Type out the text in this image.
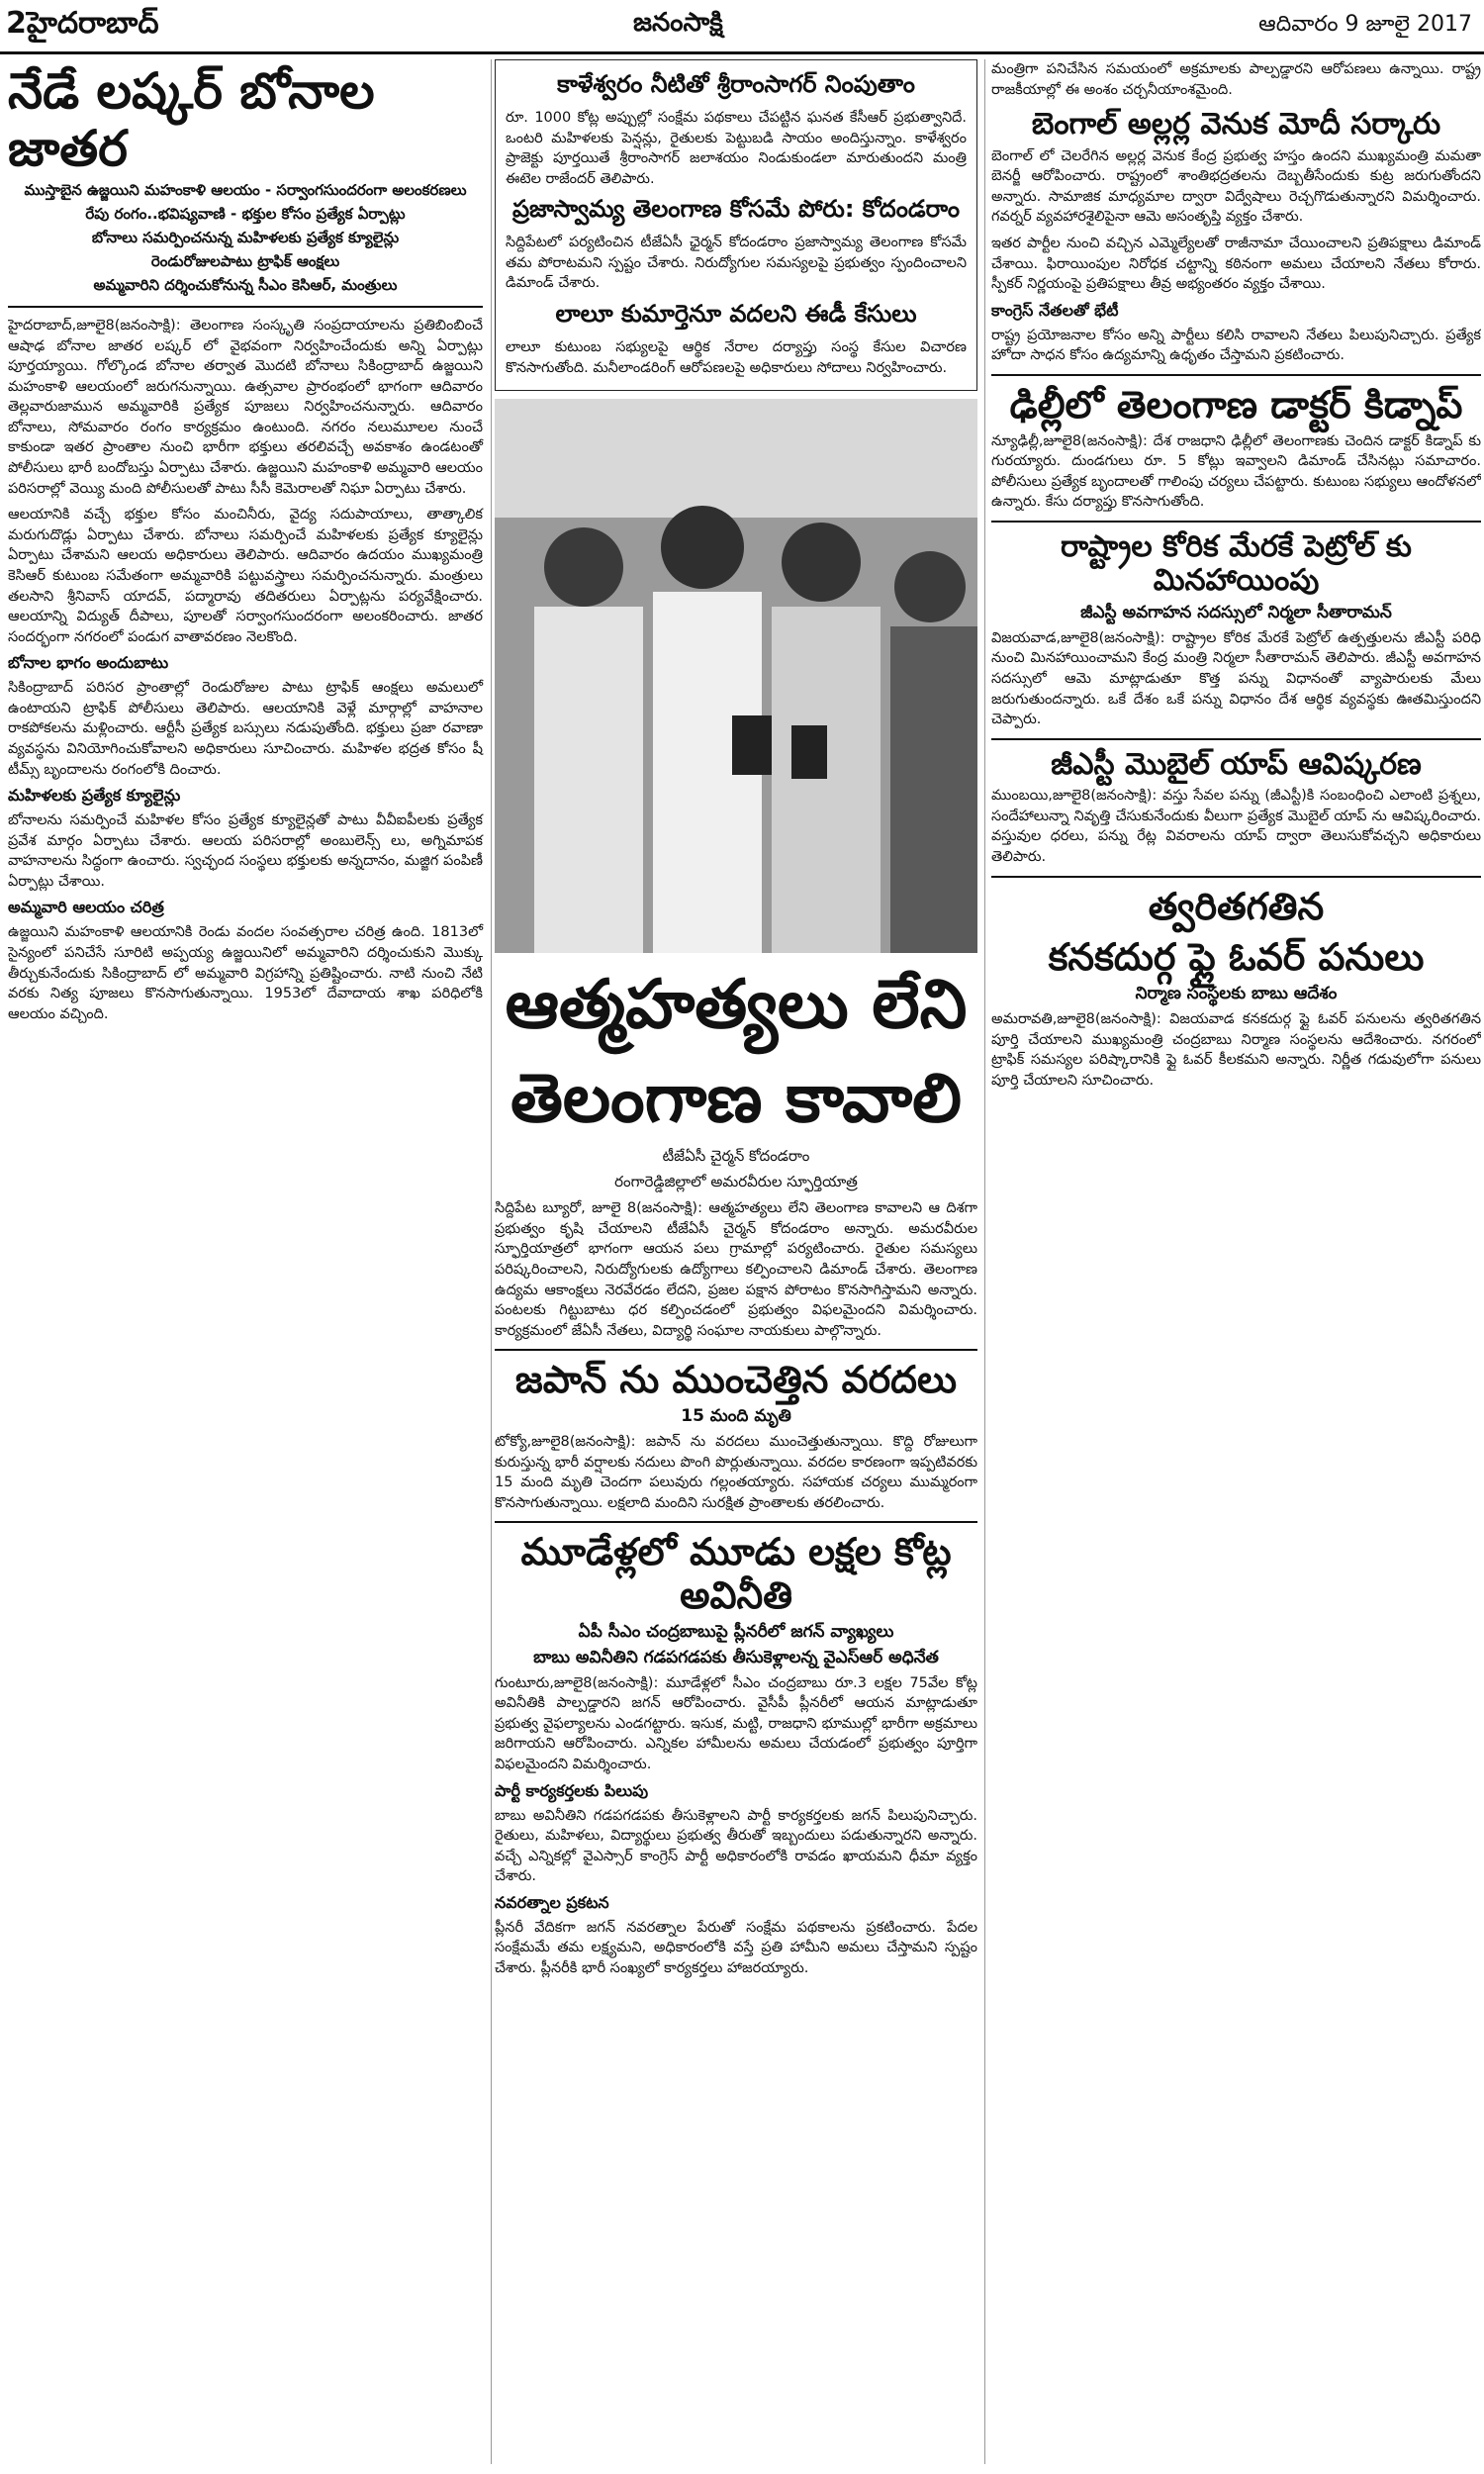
2హైదరాబాద్	జనంసాక్షి	ఆదివారం 9 జూలై 2017
నేడే లష్కర్ బోనాల జాతర
ముస్తాబైన ఉజ్జయిని మహంకాళి ఆలయం - సర్వాంగసుందరంగా అలంకరణలు
రేపు రంగం..భవిష్యవాణి - భక్తుల కోసం ప్రత్యేక ఏర్పాట్లు
బోనాలు సమర్పించనున్న మహిళలకు ప్రత్యేక క్యూలైన్లు
రెండురోజులపాటు ట్రాఫిక్ ఆంక్షలు
అమ్మవారిని దర్శించుకోనున్న సీఎం కెసిఆర్, మంత్రులు

హైదరాబాద్,జూలై8(జనంసాక్షి): తెలంగాణ సంస్కృతి సంప్రదాయాలను ప్రతిబింబించే ఆషాఢ బోనాల జాతర లష్కర్ లో వైభవంగా నిర్వహించేందుకు అన్ని ఏర్పాట్లు పూర్తయ్యాయి. గోల్కొండ బోనాల తర్వాత మొదటి బోనాలు సికింద్రాబాద్ ఉజ్జయిని మహంకాళి ఆలయంలో జరుగనున్నాయి. ఉత్సవాల ప్రారంభంలో భాగంగా ఆదివారం తెల్లవారుజామున అమ్మవారికి ప్రత్యేక పూజలు నిర్వహించనున్నారు. ఆదివారం బోనాలు, సోమవారం రంగం కార్యక్రమం ఉంటుంది. నగరం నలుమూలల నుంచే కాకుండా ఇతర ప్రాంతాల నుంచి భారీగా భక్తులు తరలివచ్చే అవకాశం ఉండటంతో పోలీసులు భారీ బందోబస్తు ఏర్పాటు చేశారు. ఉజ్జయిని మహంకాళి అమ్మవారి ఆలయం పరిసరాల్లో వెయ్యి మంది పోలీసులతో పాటు సీసీ కెమెరాలతో నిఘా ఏర్పాటు చేశారు.

ఆలయానికి వచ్చే భక్తుల కోసం మంచినీరు, వైద్య సదుపాయాలు, తాత్కాలిక మరుగుదొడ్లు ఏర్పాటు చేశారు. బోనాలు సమర్పించే మహిళలకు ప్రత్యేక క్యూలైన్లు ఏర్పాటు చేశామని ఆలయ అధికారులు తెలిపారు. ఆదివారం ఉదయం ముఖ్యమంత్రి కెసిఆర్ కుటుంబ సమేతంగా అమ్మవారికి పట్టువస్త్రాలు సమర్పించనున్నారు. మంత్రులు తలసాని శ్రీనివాస్ యాదవ్, పద్మారావు తదితరులు ఏర్పాట్లను పర్యవేక్షించారు. ఆలయాన్ని విద్యుత్ దీపాలు, పూలతో సర్వాంగసుందరంగా అలంకరించారు. జాతర సందర్భంగా నగరంలో పండుగ వాతావరణం నెలకొంది.

బోనాల భాగం అందుబాటు

సికింద్రాబాద్ పరిసర ప్రాంతాల్లో రెండురోజుల పాటు ట్రాఫిక్ ఆంక్షలు అమలులో ఉంటాయని ట్రాఫిక్ పోలీసులు తెలిపారు. ఆలయానికి వెళ్లే మార్గాల్లో వాహనాల రాకపోకలను మళ్లించారు. ఆర్టీసీ ప్రత్యేక బస్సులు నడుపుతోంది. భక్తులు ప్రజా రవాణా వ్యవస్థను వినియోగించుకోవాలని అధికారులు సూచించారు. మహిళల భద్రత కోసం షీ టీమ్స్ బృందాలను రంగంలోకి దించారు.

మహిళలకు ప్రత్యేక క్యూలైన్లు

బోనాలను సమర్పించే మహిళల కోసం ప్రత్యేక క్యూలైన్లతో పాటు వీవీఐపీలకు ప్రత్యేక ప్రవేశ మార్గం ఏర్పాటు చేశారు. ఆలయ పరిసరాల్లో అంబులెన్స్ లు, అగ్నిమాపక వాహనాలను సిద్ధంగా ఉంచారు. స్వచ్ఛంద సంస్థలు భక్తులకు అన్నదానం, మజ్జిగ పంపిణీ ఏర్పాట్లు చేశాయి.

అమ్మవారి ఆలయం చరిత్ర

ఉజ్జయిని మహంకాళి ఆలయానికి రెండు వందల సంవత్సరాల చరిత్ర ఉంది. 1813లో సైన్యంలో పనిచేసే సూరిటి అప్పయ్య ఉజ్జయినిలో అమ్మవారిని దర్శించుకుని మొక్కు తీర్చుకునేందుకు సికింద్రాబాద్ లో అమ్మవారి విగ్రహాన్ని ప్రతిష్టించారు. నాటి నుంచి నేటి వరకు నిత్య పూజలు కొనసాగుతున్నాయి. 1953లో దేవాదాయ శాఖ పరిధిలోకి ఆలయం వచ్చింది.

కాళేశ్వరం నీటితో శ్రీరాంసాగర్ నింపుతాం

రూ. 1000 కోట్ల అప్పుల్లో సంక్షేమ పథకాలు చేపట్టిన ఘనత కేసీఆర్ ప్రభుత్వానిదే. ఒంటరి మహిళలకు పెన్షన్లు, రైతులకు పెట్టుబడి సాయం అందిస్తున్నాం. కాళేశ్వరం ప్రాజెక్టు పూర్తయితే శ్రీరాంసాగర్ జలాశయం నిండుకుండలా మారుతుందని మంత్రి ఈటెల రాజేందర్ తెలిపారు.

ప్రజాస్వామ్య తెలంగాణ కోసమే పోరు: కోదండరాం

సిద్దిపేటలో పర్యటించిన టీజేఏసీ ఛైర్మన్ కోదండరాం ప్రజాస్వామ్య తెలంగాణ కోసమే తమ పోరాటమని స్పష్టం చేశారు. నిరుద్యోగుల సమస్యలపై ప్రభుత్వం స్పందించాలని డిమాండ్ చేశారు.

లాలూ కుమార్తెనూ వదలని ఈడీ కేసులు

లాలూ కుటుంబ సభ్యులపై ఆర్థిక నేరాల దర్యాప్తు సంస్థ కేసుల విచారణ కొనసాగుతోంది. మనీలాండరింగ్ ఆరోపణలపై అధికారులు సోదాలు నిర్వహించారు.

ఆత్మహత్యలు లేని
తెలంగాణ కావాలి
టీజేఏసీ చైర్మన్ కోదండరాం
రంగారెడ్డిజిల్లాలో అమరవీరుల స్ఫూర్తియాత్ర

సిద్దిపేట బ్యూరో, జూలై 8(జనంసాక్షి): ఆత్మహత్యలు లేని తెలంగాణ కావాలని ఆ దిశగా ప్రభుత్వం కృషి చేయాలని టీజేఏసీ చైర్మన్ కోదండరాం అన్నారు. అమరవీరుల స్ఫూర్తియాత్రలో భాగంగా ఆయన పలు గ్రామాల్లో పర్యటించారు. రైతుల సమస్యలు పరిష్కరించాలని, నిరుద్యోగులకు ఉద్యోగాలు కల్పించాలని డిమాండ్ చేశారు. తెలంగాణ ఉద్యమ ఆకాంక్షలు నెరవేరడం లేదని, ప్రజల పక్షాన పోరాటం కొనసాగిస్తామని అన్నారు. పంటలకు గిట్టుబాటు ధర కల్పించడంలో ప్రభుత్వం విఫలమైందని విమర్శించారు. కార్యక్రమంలో జేఏసీ నేతలు, విద్యార్థి సంఘాల నాయకులు పాల్గొన్నారు.

జపాన్ ను ముంచెత్తిన వరదలు
15 మంది మృతి

టోక్యో,జూలై8(జనంసాక్షి): జపాన్ ను వరదలు ముంచెత్తుతున్నాయి. కొద్ది రోజులుగా కురుస్తున్న భారీ వర్షాలకు నదులు పొంగి పొర్లుతున్నాయి. వరదల కారణంగా ఇప్పటివరకు 15 మంది మృతి చెందగా పలువురు గల్లంతయ్యారు. సహాయక చర్యలు ముమ్మరంగా కొనసాగుతున్నాయి. లక్షలాది మందిని సురక్షిత ప్రాంతాలకు తరలించారు.

మూడేళ్లలో మూడు లక్షల కోట్ల అవినీతి
ఏపీ సీఎం చంద్రబాబుపై ప్లీనరీలో జగన్ వ్యాఖ్యలు
బాబు అవినీతిని గడపగడపకు తీసుకెళ్లాలన్న వైఎస్ఆర్ అధినేత

గుంటూరు,జూలై8(జనంసాక్షి): మూడేళ్లలో సీఎం చంద్రబాబు రూ.3 లక్షల 75వేల కోట్ల అవినీతికి పాల్పడ్డారని జగన్ ఆరోపించారు. వైసీపీ ప్లీనరీలో ఆయన మాట్లాడుతూ ప్రభుత్వ వైఫల్యాలను ఎండగట్టారు. ఇసుక, మట్టి, రాజధాని భూముల్లో భారీగా అక్రమాలు జరిగాయని ఆరోపించారు. ఎన్నికల హామీలను అమలు చేయడంలో ప్రభుత్వం పూర్తిగా విఫలమైందని విమర్శించారు.

పార్టీ కార్యకర్తలకు పిలుపు

బాబు అవినీతిని గడపగడపకు తీసుకెళ్లాలని పార్టీ కార్యకర్తలకు జగన్ పిలుపునిచ్చారు. రైతులు, మహిళలు, విద్యార్థులు ప్రభుత్వ తీరుతో ఇబ్బందులు పడుతున్నారని అన్నారు. వచ్చే ఎన్నికల్లో వైఎస్సార్ కాంగ్రెస్ పార్టీ అధికారంలోకి రావడం ఖాయమని ధీమా వ్యక్తం చేశారు.

నవరత్నాల ప్రకటన

ప్లీనరీ వేదికగా జగన్ నవరత్నాల పేరుతో సంక్షేమ పథకాలను ప్రకటించారు. పేదల సంక్షేమమే తమ లక్ష్యమని, అధికారంలోకి వస్తే ప్రతి హామీని అమలు చేస్తామని స్పష్టం చేశారు. ప్లీనరీకి భారీ సంఖ్యలో కార్యకర్తలు హాజరయ్యారు.

మంత్రిగా పనిచేసిన సమయంలో అక్రమాలకు పాల్పడ్డారని ఆరోపణలు ఉన్నాయి. రాష్ట్ర రాజకీయాల్లో ఈ అంశం చర్చనీయాంశమైంది.

బెంగాల్ అల్లర్ల వెనుక మోదీ సర్కారు

బెంగాల్ లో చెలరేగిన అల్లర్ల వెనుక కేంద్ర ప్రభుత్వ హస్తం ఉందని ముఖ్యమంత్రి మమతా బెనర్జీ ఆరోపించారు. రాష్ట్రంలో శాంతిభద్రతలను దెబ్బతీసేందుకు కుట్ర జరుగుతోందని అన్నారు. సామాజిక మాధ్యమాల ద్వారా విద్వేషాలు రెచ్చగొడుతున్నారని విమర్శించారు. గవర్నర్ వ్యవహారశైలిపైనా ఆమె అసంతృప్తి వ్యక్తం చేశారు.

ఇతర పార్టీల నుంచి వచ్చిన ఎమ్మెల్యేలతో రాజీనామా చేయించాలని ప్రతిపక్షాలు డిమాండ్ చేశాయి. ఫిరాయింపుల నిరోధక చట్టాన్ని కఠినంగా అమలు చేయాలని నేతలు కోరారు. స్పీకర్ నిర్ణయంపై ప్రతిపక్షాలు తీవ్ర అభ్యంతరం వ్యక్తం చేశాయి.

కాంగ్రెస్ నేతలతో భేటీ

రాష్ట్ర ప్రయోజనాల కోసం అన్ని పార్టీలు కలిసి రావాలని నేతలు పిలుపునిచ్చారు. ప్రత్యేక హోదా సాధన కోసం ఉద్యమాన్ని ఉధృతం చేస్తామని ప్రకటించారు.

ఢిల్లీలో తెలంగాణ డాక్టర్ కిడ్నాప్

న్యూఢిల్లీ,జూలై8(జనంసాక్షి): దేశ రాజధాని ఢిల్లీలో తెలంగాణకు చెందిన డాక్టర్ కిడ్నాప్ కు గురయ్యారు. దుండగులు రూ. 5 కోట్లు ఇవ్వాలని డిమాండ్ చేసినట్లు సమాచారం. పోలీసులు ప్రత్యేక బృందాలతో గాలింపు చర్యలు చేపట్టారు. కుటుంబ సభ్యులు ఆందోళనలో ఉన్నారు. కేసు దర్యాప్తు కొనసాగుతోంది.

రాష్ట్రాల కోరిక మేరకే పెట్రోల్ కు మినహాయింపు
జీఎస్టీ అవగాహన సదస్సులో నిర్మలా సీతారామన్

విజయవాడ,జూలై8(జనంసాక్షి): రాష్ట్రాల కోరిక మేరకే పెట్రోల్ ఉత్పత్తులను జీఎస్టీ పరిధి నుంచి మినహాయించామని కేంద్ర మంత్రి నిర్మలా సీతారామన్ తెలిపారు. జీఎస్టీ అవగాహన సదస్సులో ఆమె మాట్లాడుతూ కొత్త పన్ను విధానంతో వ్యాపారులకు మేలు జరుగుతుందన్నారు. ఒకే దేశం ఒకే పన్ను విధానం దేశ ఆర్థిక వ్యవస్థకు ఊతమిస్తుందని చెప్పారు.

జీఎస్టీ మొబైల్ యాప్ ఆవిష్కరణ

ముంబయి,జూలై8(జనంసాక్షి): వస్తు సేవల పన్ను (జీఎస్టీ)కి సంబంధించి ఎలాంటి ప్రశ్నలు, సందేహాలున్నా నివృత్తి చేసుకునేందుకు వీలుగా ప్రత్యేక మొబైల్ యాప్ ను ఆవిష్కరించారు. వస్తువుల ధరలు, పన్ను రేట్ల వివరాలను యాప్ ద్వారా తెలుసుకోవచ్చని అధికారులు తెలిపారు.

త్వరితగతిన
కనకదుర్గ ఫ్లై ఓవర్ పనులు
నిర్మాణ సంస్థలకు బాబు ఆదేశం

అమరావతి,జూలై8(జనంసాక్షి): విజయవాడ కనకదుర్గ ఫ్లై ఓవర్ పనులను త్వరితగతిన పూర్తి చేయాలని ముఖ్యమంత్రి చంద్రబాబు నిర్మాణ సంస్థలను ఆదేశించారు. నగరంలో ట్రాఫిక్ సమస్యల పరిష్కారానికి ఫ్లై ఓవర్ కీలకమని అన్నారు. నిర్ణీత గడువులోగా పనులు పూర్తి చేయాలని సూచించారు.
